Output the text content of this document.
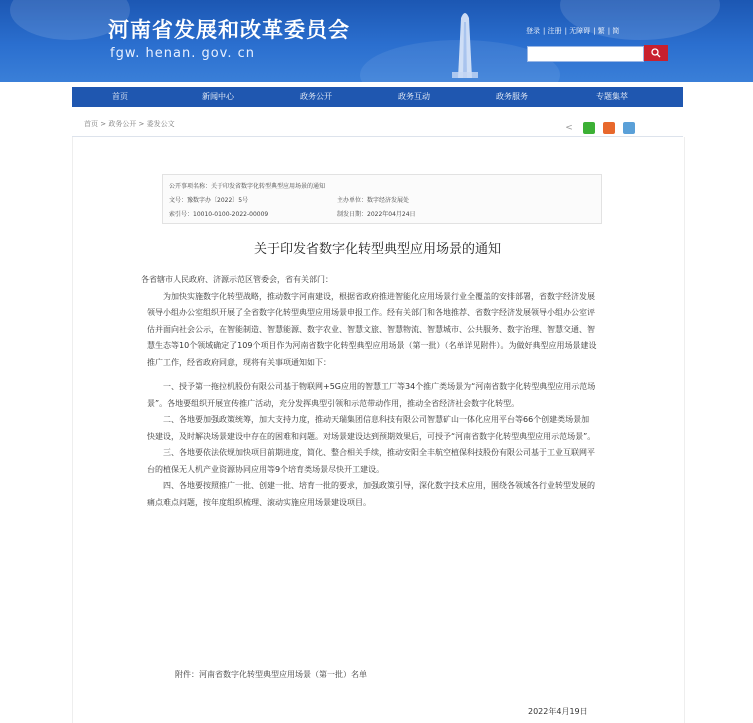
河南省发展和改革委员会
fgw. henan. gov. cn
登录 | 注册 | 无障碍 | 繁 | 简
首页	新闻中心	政务公开	政务互动	政务服务	专题集萃
首页 > 政务公开 > 委发公文	<
公开事项名称：关于印发省数字化转型典型应用场景的通知
文号：豫数字办〔2022〕5号	主办单位：数字经济发展处
索引号：10010-0100-2022-00009	制发日期：2022年04月24日
关于印发省数字化转型典型应用场景的通知

各省辖市人民政府、济源示范区管委会，省有关部门：

为加快实施数字化转型战略，推动数字河南建设，根据省政府推进智能化应用场景行业全覆盖的安排部署，省数字经济发展领导小组办公室组织开展了全省数字化转型典型应用场景申报工作。经有关部门和各地推荐、省数字经济发展领导小组办公室评估并面向社会公示，在智能制造、智慧能源、数字农业、智慧文旅、智慧物流、智慧城市、公共服务、数字治理、智慧交通、智慧生态等10个领域确定了109个项目作为河南省数字化转型典型应用场景（第一批）（名单详见附件）。为做好典型应用场景建设推广工作，经省政府同意，现将有关事项通知如下：

一、授予第一拖拉机股份有限公司基于物联网+5G应用的智慧工厂等34个推广类场景为“河南省数字化转型典型应用示范场景”。各地要组织开展宣传推广活动，充分发挥典型引领和示范带动作用，推动全省经济社会数字化转型。

二、各地要加强政策统筹，加大支持力度，推动天瑞集团信息科技有限公司智慧矿山一体化应用平台等66个创建类场景加快建设，及时解决场景建设中存在的困难和问题。对场景建设达到预期效果后，可授予“河南省数字化转型典型应用示范场景”。

三、各地要依法依规加快项目前期进度，简化、整合相关手续，推动安阳全丰航空植保科技股份有限公司基于工业互联网平台的植保无人机产业资源协同应用等9个培育类场景尽快开工建设。

四、各地要按照推广一批、创建一批、培育一批的要求，加强政策引导，深化数字技术应用，围绕各领域各行业转型发展的痛点难点问题，按年度组织梳理、滚动实施应用场景建设项目。

附件：河南省数字化转型典型应用场景（第一批）名单
2022年4月19日
